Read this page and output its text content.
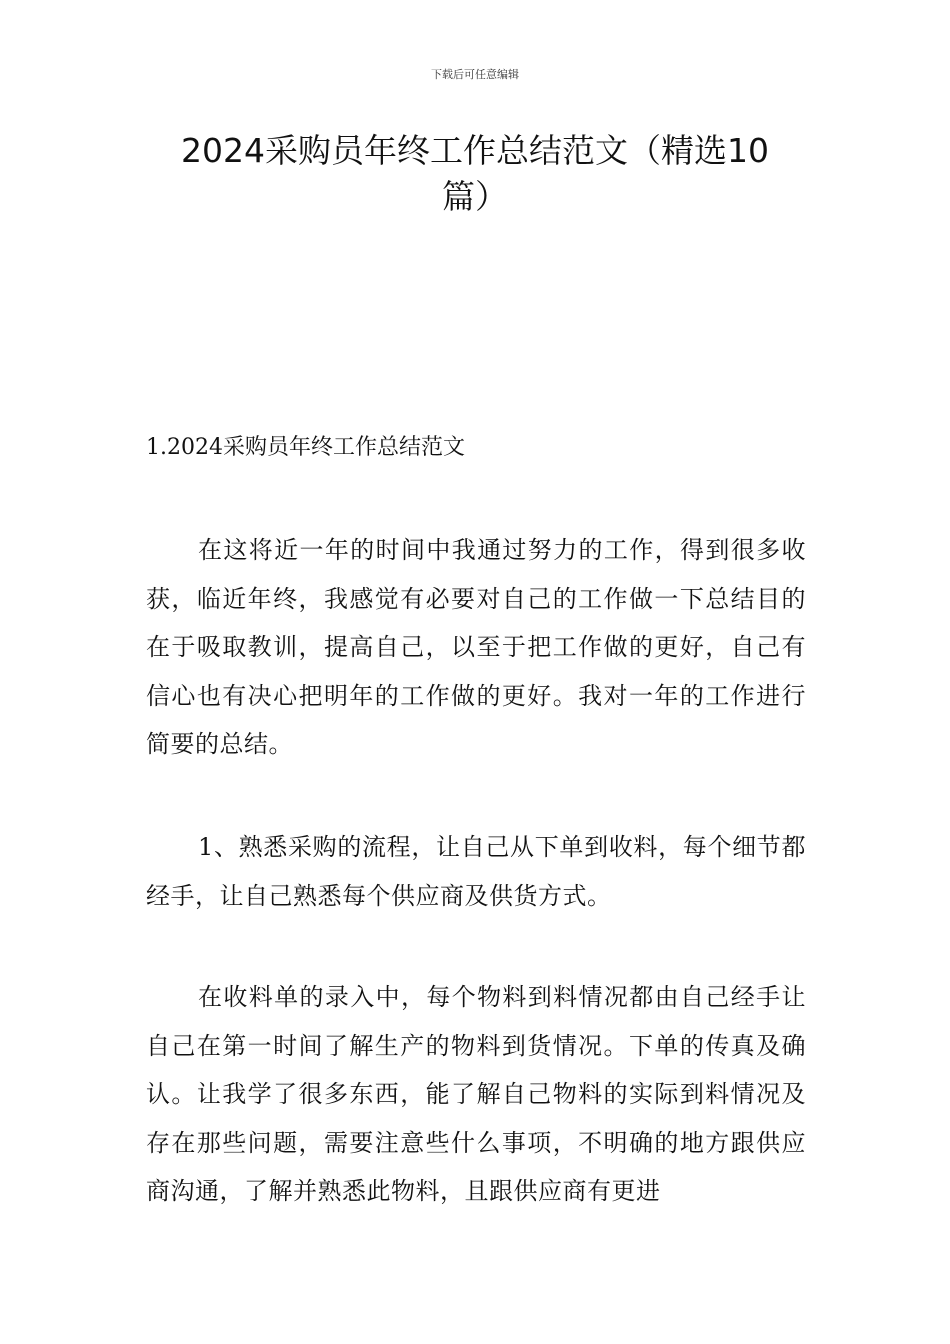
下载后可任意编辑
2024采购员年终工作总结范文（精选10篇）
1.2024采购员年终工作总结范文

在这将近一年的时间中我通过努力的工作，得到很多收获，临近年终，我感觉有必要对自己的工作做一下总结目的在于吸取教训，提高自己，以至于把工作做的更好，自己有信心也有决心把明年的工作做的更好。我对一年的工作进行简要的总结。

1、熟悉采购的流程，让自己从下单到收料，每个细节都经手，让自己熟悉每个供应商及供货方式。

在收料单的录入中，每个物料到料情况都由自己经手让自己在第一时间了解生产的物料到货情况。下单的传真及确认。让我学了很多东西，能了解自己物料的实际到料情况及存在那些问题，需要注意些什么事项，不明确的地方跟供应商沟通，了解并熟悉此物料，且跟供应商有更进
